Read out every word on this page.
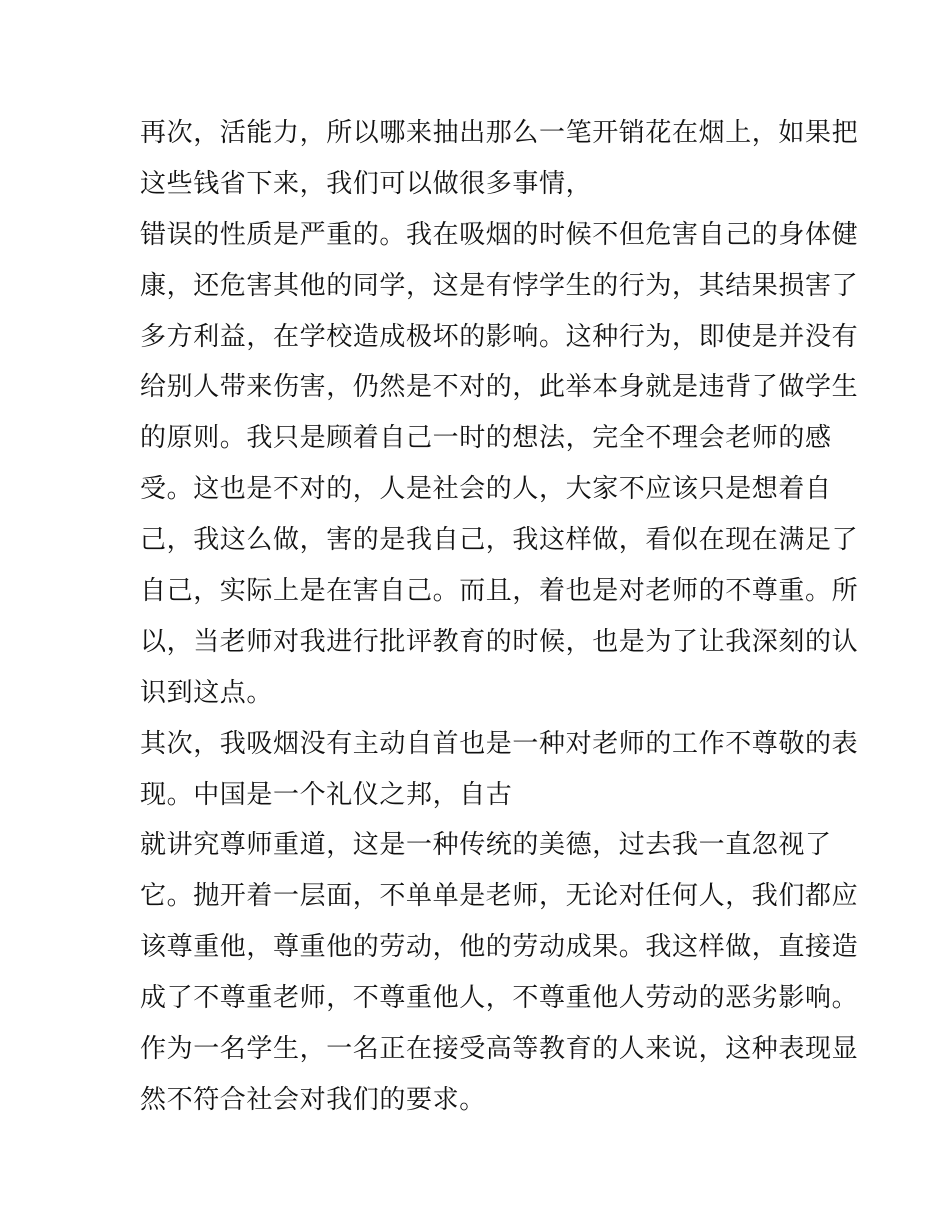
再次，活能力，所以哪来抽出那么一笔开销花在烟上，如果把
这些钱省下来，我们可以做很多事情，
错误的性质是严重的。我在吸烟的时候不但危害自己的身体健
康，还危害其他的同学，这是有悖学生的行为，其结果损害了
多方利益，在学校造成极坏的影响。这种行为，即使是并没有
给别人带来伤害，仍然是不对的，此举本身就是违背了做学生
的原则。我只是顾着自己一时的想法，完全不理会老师的感
受。这也是不对的，人是社会的人，大家不应该只是想着自
己，我这么做，害的是我自己，我这样做，看似在现在满足了
自己，实际上是在害自己。而且，着也是对老师的不尊重。所
以，当老师对我进行批评教育的时候，也是为了让我深刻的认
识到这点。
其次，我吸烟没有主动自首也是一种对老师的工作不尊敬的表
现。中国是一个礼仪之邦，自古
就讲究尊师重道，这是一种传统的美德，过去我一直忽视了
它。抛开着一层面，不单单是老师，无论对任何人，我们都应
该尊重他，尊重他的劳动，他的劳动成果。我这样做，直接造
成了不尊重老师，不尊重他人，不尊重他人劳动的恶劣影响。
作为一名学生，一名正在接受高等教育的人来说，这种表现显
然不符合社会对我们的要求。
